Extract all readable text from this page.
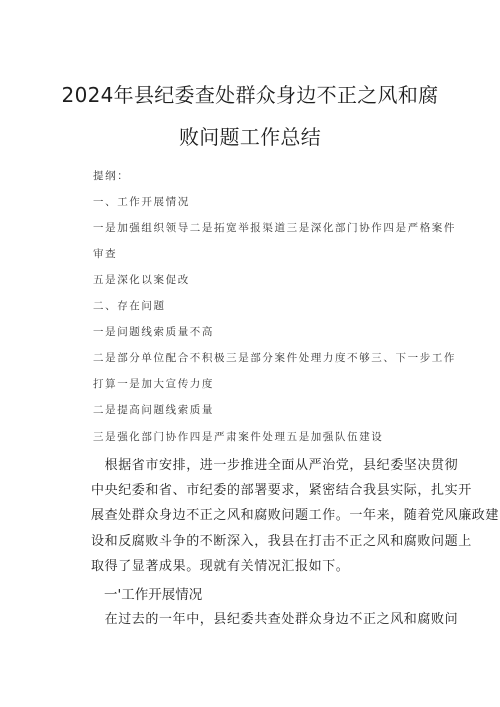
2024年县纪委查处群众身边不正之风和腐
败问题工作总结
提纲：
一、工作开展情况
一是加强组织领导二是拓宽举报渠道三是深化部门协作四是严格案件
审查
五是深化以案促改
二、存在问题
一是问题线索质量不高
二是部分单位配合不积极三是部分案件处理力度不够三、下一步工作
打算一是加大宣传力度
二是提高问题线索质量
三是强化部门协作四是严肃案件处理五是加强队伍建设
　根据省市安排，进一步推进全面从严治党，县纪委坚决贯彻
中央纪委和省、市纪委的部署要求，紧密结合我县实际，扎实开
展查处群众身边不正之风和腐败问题工作。一年来，随着党风廉政建
设和反腐败斗争的不断深入，我县在打击不正之风和腐败问题上
取得了显著成果。现就有关情况汇报如下。
一'工作开展情况
　在过去的一年中，县纪委共查处群众身边不正之风和腐败问
